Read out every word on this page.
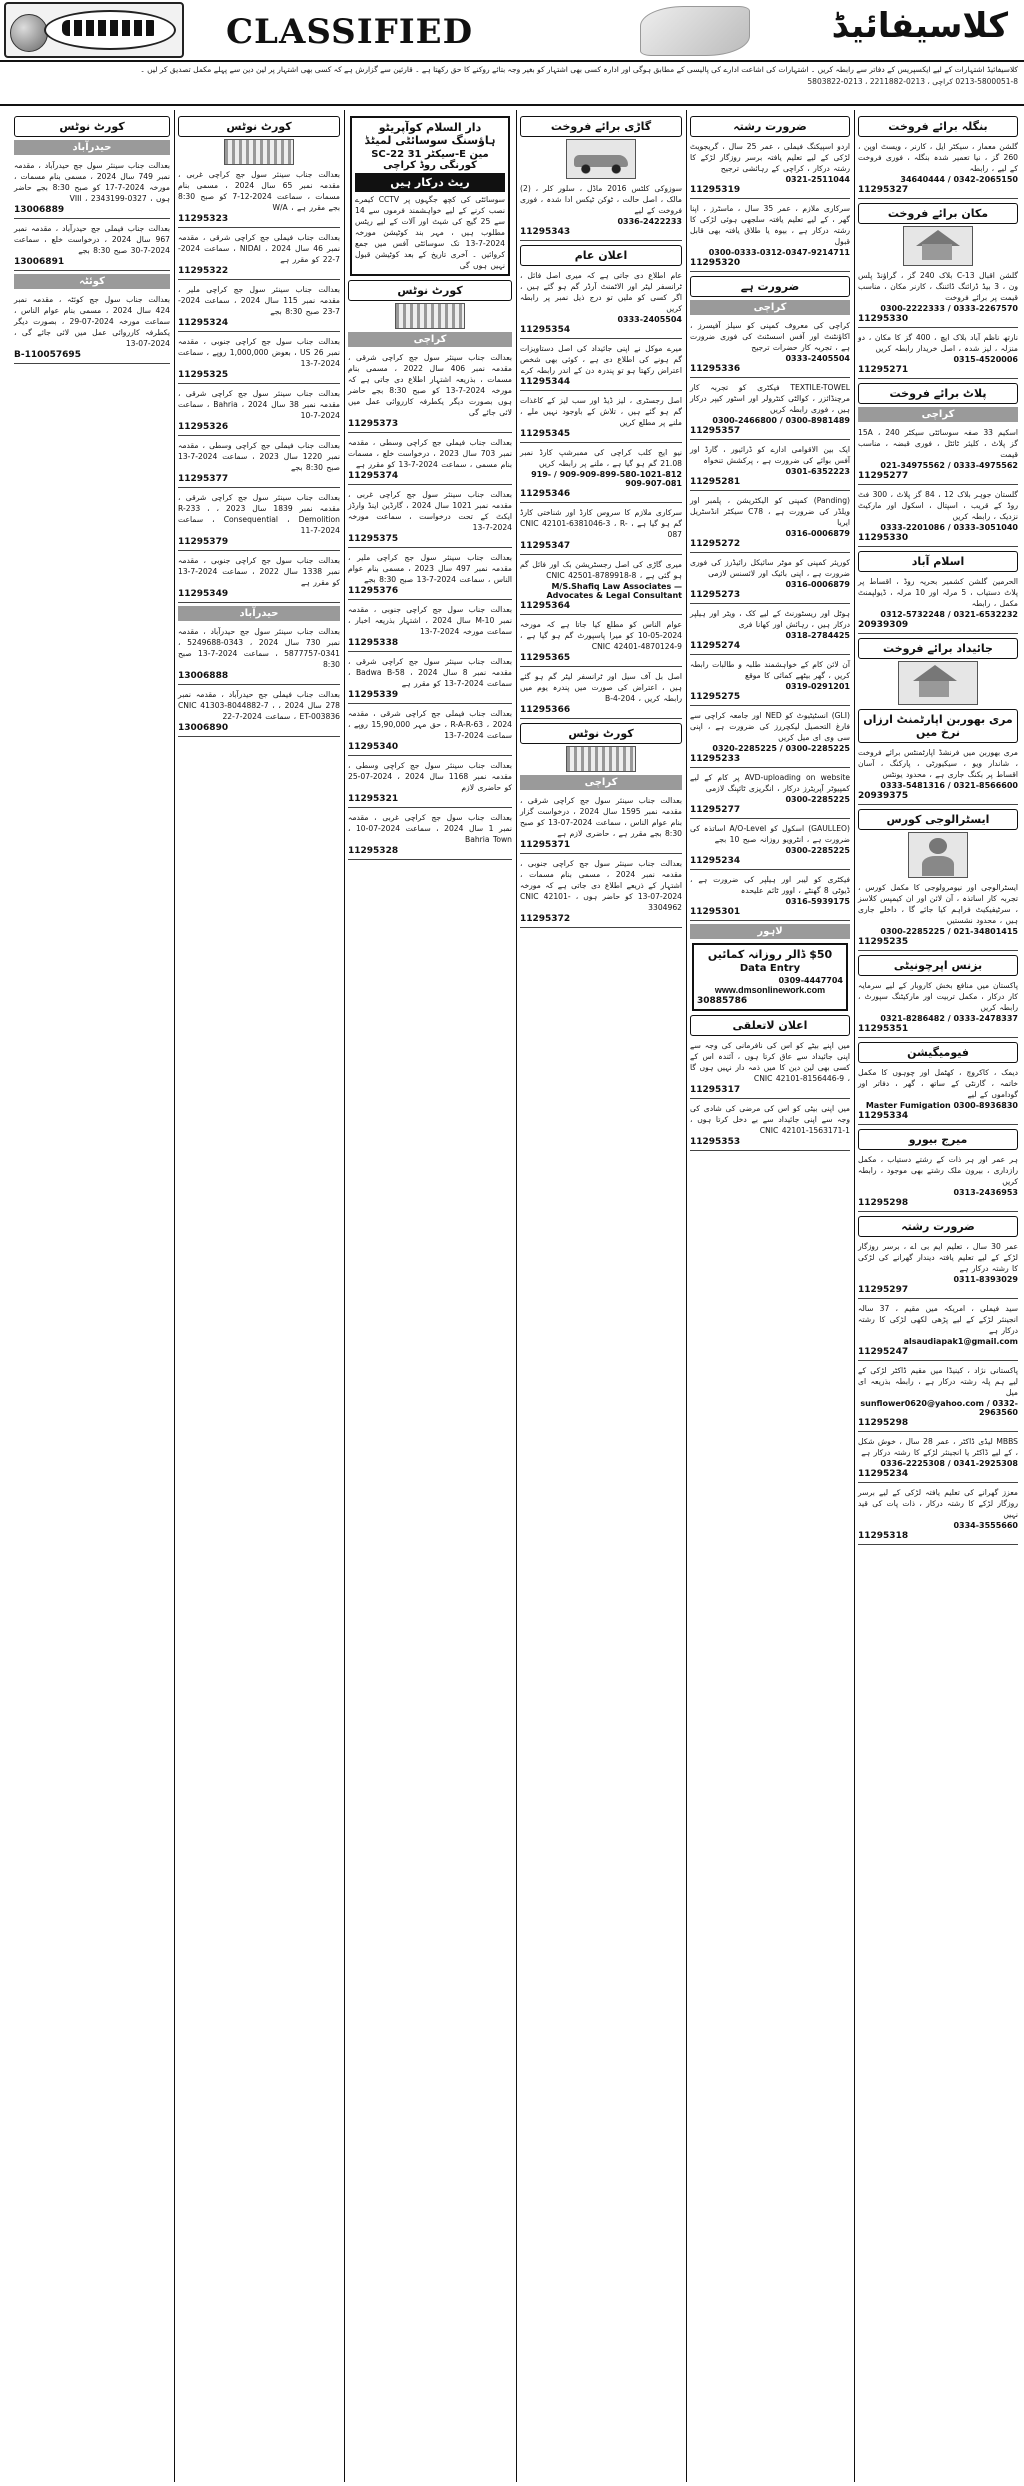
CLASSIFIED	کلاسیفائیڈ
کلاسیفائیڈ اشتہارات کے لیے ایکسپریس کے دفاتر سے رابطہ کریں ۔ اشتہارات کی اشاعت ادارے کی پالیسی کے مطابق ہوگی اور ادارہ کسی بھی اشتہار کو بغیر وجہ بتائے روکنے کا حق رکھتا ہے ۔ قارئین سے گزارش ہے کہ کسی بھی اشتہار پر لین دین سے پہلے مکمل تصدیق کر لیں ۔
0213-5800051-8 کراچی ، 0213-2211882 ، 0213-5803822
بنگلہ برائے فروخت
گلشن معمار ، سیکٹر ایل ، کارنر ، ویسٹ اوپن ، 260 گز ، نیا تعمیر شدہ بنگلہ ، فوری فروخت کے لیے ، رابطہ
0342-2065150 / 34640444
11295327
مکان برائے فروخت
گلشن اقبال 13-C بلاک 240 گز ، گراؤنڈ پلس ون ، 3 بیڈ ڈرائنگ ڈائننگ ، کارنر مکان ، مناسب قیمت پر برائے فروخت
0333-2267570 / 0300-2222333
11295330
نارتھ ناظم آباد بلاک ایچ ، 400 گز کا مکان ، دو منزلہ ، لیز شدہ ، اصل خریدار رابطہ کریں
0315-4520006
11295271
پلاٹ برائے فروخت
کراچی
اسکیم 33 صفہ سوسائٹی سیکٹر 15A ، 240 گز پلاٹ ، کلیئر ٹائٹل ، فوری قبضہ ، مناسب قیمت
0333-4975562 / 021-34975562
11295277
گلستان جوہر بلاک 12 ، 84 گز پلاٹ ، 300 فٹ روڈ کے قریب ، اسپتال ، اسکول اور مارکیٹ نزدیک ، رابطہ کریں
0333-3051040 / 0333-2201086
11295330
اسلام آباد
الحرمین گلشن کشمیر بحریہ روڈ ، اقساط پر پلاٹ دستیاب ، 5 مرلہ اور 10 مرلہ ، ڈیولپمنٹ مکمل ، رابطہ
0321-6532232 / 0312-5732248
20939309
جائیداد برائے فروخت
مری بھوربن اپارٹمنٹ ارزاں نرخ میں
مری بھوربن میں فرنشڈ اپارٹمنٹس برائے فروخت ، شاندار ویو ، سیکیورٹی ، پارکنگ ، آسان اقساط پر بکنگ جاری ہے ، محدود یونٹس
0321-8566600 / 0333-5481316
20939375
ایسٹرالوجی کورس
ایسٹرالوجی اور نیومرولوجی کا مکمل کورس ، تجربہ کار اساتذہ ، آن لائن اور ان کیمپس کلاسز ، سرٹیفیکیٹ فراہم کیا جائے گا ، داخلے جاری ہیں ، محدود نشستیں
021-34801415 / 0300-2285225
11295235
بزنس اپرچونیٹی
پاکستان میں منافع بخش کاروبار کے لیے سرمایہ کار درکار ، مکمل تربیت اور مارکیٹنگ سپورٹ ، رابطہ کریں
0333-2478337 / 0321-8286482
11295351
فیومیگیشن
دیمک ، کاکروچ ، کھٹمل اور چوہوں کا مکمل خاتمہ ، گارنٹی کے ساتھ ، گھر ، دفاتر اور گوداموں کے لیے
Master Fumigation 0300-8936830
11295334
میرج بیورو
ہر عمر اور ہر ذات کے رشتے دستیاب ، مکمل رازداری ، بیرون ملک رشتے بھی موجود ، رابطہ کریں
0313-2436953
11295298
ضرورت رشتہ
عمر 30 سال ، تعلیم ایم بی اے ، برسر روزگار لڑکے کے لیے تعلیم یافتہ دیندار گھرانے کی لڑکی کا رشتہ درکار ہے
0311-8393029
11295297
سید فیملی ، امریکہ میں مقیم ، 37 سالہ انجینئر لڑکے کے لیے پڑھی لکھی لڑکی کا رشتہ درکار ہے
alsaudiapak1@gmail.com
11295247
پاکستانی نژاد ، کینیڈا میں مقیم ڈاکٹر لڑکی کے لیے ہم پلہ رشتہ درکار ہے ، رابطہ بذریعہ ای میل
sunflower0620@yahoo.com / 0332-2963560
11295298
MBBS لیڈی ڈاکٹر ، عمر 28 سال ، خوش شکل ، کے لیے ڈاکٹر یا انجینئر لڑکے کا رشتہ درکار ہے
0341-2925308 / 0336-2225308
11295234
معزز گھرانے کی تعلیم یافتہ لڑکی کے لیے برسر روزگار لڑکے کا رشتہ درکار ، ذات پات کی قید نہیں
0334-3555660
11295318
ضرورت رشتہ
اردو اسپیکنگ فیملی ، عمر 25 سال ، گریجویٹ لڑکی کے لیے تعلیم یافتہ برسر روزگار لڑکے کا رشتہ درکار ، کراچی کے رہائشی ترجیح
0321-2511044
11295319
سرکاری ملازم ، عمر 35 سال ، ماسٹرز ، اپنا گھر ، کے لیے تعلیم یافتہ سلجھی ہوئی لڑکی کا رشتہ درکار ہے ، بیوہ یا طلاق یافتہ بھی قابل قبول
0300-0333-0312-0347-9214711
11295320
ضرورت ہے
کراچی
کراچی کی معروف کمپنی کو سیلز آفیسرز ، اکاؤنٹنٹ اور آفس اسسٹنٹ کی فوری ضرورت ہے ، تجربہ کار حضرات ترجیح
0333-2405504
11295336
TEXTILE-TOWEL فیکٹری کو تجربہ کار مرچنڈائزر ، کوالٹی کنٹرولر اور اسٹور کیپر درکار ہیں ، فوری رابطہ کریں
0300-8981489 / 0300-2466800
11295357
ایک بین الاقوامی ادارے کو ڈرائیور ، گارڈ اور آفس بوائے کی ضرورت ہے ، پرکشش تنخواہ
0301-6352223
11295281
(Panding) کمپنی کو الیکٹریشن ، پلمبر اور ویلڈر کی ضرورت ہے ، C78 سیکٹر انڈسٹریل ایریا
0316-0006879
11295272
کوریئر کمپنی کو موٹر سائیکل رائیڈرز کی فوری ضرورت ہے ، اپنی بائیک اور لائسنس لازمی
0316-0006879
11295273
ہوٹل اور ریسٹورنٹ کے لیے کک ، ویٹر اور ہیلپر درکار ہیں ، رہائش اور کھانا فری
0318-2784425
11295274
آن لائن کام کے خواہشمند طلبہ و طالبات رابطہ کریں ، گھر بیٹھے کمائی کا موقع
0319-0291201
11295275
(GLI) انسٹیٹیوٹ کو NED اور جامعہ کراچی سے فارغ التحصیل لیکچررز کی ضرورت ہے ، اپنی سی وی ای میل کریں
0300-2285225 / 0320-2285225
11295233
AVD-uploading on website پر کام کے لیے کمپیوٹر آپریٹرز درکار ، انگریزی ٹائپنگ لازمی
0300-2285225
11295277
(GAULLEO) اسکول کو A/O-Level اساتذہ کی ضرورت ہے ، انٹرویو روزانہ صبح 10 بجے
0300-2285225
11295234
فیکٹری کو لیبر اور ہیلپر کی ضرورت ہے ، ڈیوٹی 8 گھنٹے ، اوور ٹائم علیحدہ
0316-5939175
11295301
لاہور
$50 ڈالر روزانہ کمائیں
Data Entry
0309-4447704
www.dmsonlinework.com
30885786
اعلان لاتعلقی
میں اپنے بیٹے کو اس کی نافرمانی کی وجہ سے اپنی جائیداد سے عاق کرتا ہوں ، آئندہ اس کے کسی بھی لین دین کا میں ذمہ دار نہیں ہوں گا ، CNIC 42101-8156446-9
11295317
میں اپنی بیٹی کو اس کی مرضی کی شادی کی وجہ سے اپنی جائیداد سے بے دخل کرتا ہوں ، CNIC 42101-1563171-1
11295353
گاڑی برائے فروخت
سوزوکی کلٹس 2016 ماڈل ، سلور کلر ، (2) مالک ، اصل حالت ، ٹوکن ٹیکس ادا شدہ ، فوری فروخت کے لیے
0336-2422233
11295343
اعلان عام
عام اطلاع دی جاتی ہے کہ میری اصل فائل ، ٹرانسفر لیٹر اور الاٹمنٹ آرڈر گم ہو گئے ہیں ، اگر کسی کو ملیں تو درج ذیل نمبر پر رابطہ کریں
0333-2405504
11295354
میرے موکل نے اپنی جائیداد کی اصل دستاویزات گم ہونے کی اطلاع دی ہے ، کوئی بھی شخص اعتراض رکھتا ہو تو پندرہ دن کے اندر رابطہ کرے
11295344
اصل رجسٹری ، لیز ڈیڈ اور سب لیز کے کاغذات گم ہو گئے ہیں ، تلاش کے باوجود نہیں ملے ، ملنے پر مطلع کریں
11295345
نیو ایج کلب کراچی کی ممبرشپ کارڈ نمبر 21.08 گم ہو گیا ہے ، ملنے پر رابطہ کریں
909-909-899-580-1021-812 / 919-909-907-081
11295346
سرکاری ملازم کا سروس کارڈ اور شناختی کارڈ گم ہو گیا ہے ، CNIC 42101-6381046-3 ، R-087
11295347
میری گاڑی کی اصل رجسٹریشن بک اور فائل گم ہو گئی ہے ، CNIC 42501-8789918-8
M/S.Shafiq Law Associates — Advocates & Legal Consultant
11295364
عوام الناس کو مطلع کیا جاتا ہے کہ مورخہ 2024-05-10 کو میرا پاسپورٹ گم ہو گیا ہے ، CNIC 42401-4870124-9
11295365
اصل بل آف سیل اور ٹرانسفر لیٹر گم ہو گئے ہیں ، اعتراض کی صورت میں پندرہ یوم میں رابطہ کریں ، B-4-204
11295366
کورٹ نوٹس
کراچی
بعدالت جناب سینئر سول جج کراچی شرقی ، مقدمہ نمبر 1595 سال 2024 ، درخواست گزار بنام عوام الناس ، سماعت 2024-07-13 کو صبح 8:30 بجے مقرر ہے ، حاضری لازم ہے
11295371
بعدالت جناب سینئر سول جج کراچی جنوبی ، مقدمہ نمبر 2024 ، مسمی بنام مسمات ، اشتہار کے ذریعے اطلاع دی جاتی ہے کہ مورخہ 2024-07-13 کو حاضر ہوں ، CNIC 42101-3304962
11295372
دار السلام کوآپریٹو ہاؤسنگ سوسائٹی لمیٹڈ
SC-22 سیکٹر 31-E مین کورنگی روڈ کراچی
ریٹ درکار ہیں
سوسائٹی کی کچھ جگہوں پر CCTV کیمرے نصب کرنے کے لیے خواہشمند فرموں سے 14 سے 25 گیج کی شیٹ اور آلات کے لیے ریٹس مطلوب ہیں ، مہر بند کوٹیشن مورخہ 2024-7-13 تک سوسائٹی آفس میں جمع کروائیں ۔ آخری تاریخ کے بعد کوٹیشن قبول نہیں ہوں گی
کورٹ نوٹس
کراچی
بعدالت جناب سینئر سول جج کراچی شرقی ، مقدمہ نمبر 406 سال 2022 ، مسمی بنام مسمات ، بذریعہ اشتہار اطلاع دی جاتی ہے کہ مورخہ 2024-7-13 کو صبح 8:30 بجے حاضر ہوں بصورت دیگر یکطرفہ کارروائی عمل میں لائی جائے گی
11295373
بعدالت جناب فیملی جج کراچی وسطی ، مقدمہ نمبر 703 سال 2023 ، درخواست خلع ، مسمات بنام مسمی ، سماعت 2024-7-13 کو مقرر ہے
11295374
بعدالت جناب سینئر سول جج کراچی غربی ، مقدمہ نمبر 1021 سال 2024 ، گارڈین اینڈ وارڈز ایکٹ کے تحت درخواست ، سماعت مورخہ 2024-7-13
11295375
بعدالت جناب سینئر سول جج کراچی ملیر ، مقدمہ نمبر 497 سال 2023 ، مسمی بنام عوام الناس ، سماعت 2024-7-13 صبح 8:30 بجے
11295376
بعدالت جناب سول جج کراچی جنوبی ، مقدمہ نمبر M-10 سال 2024 ، اشتہار بذریعہ اخبار ، سماعت مورخہ 2024-7-13
11295338
بعدالت جناب سینئر سول جج کراچی شرقی ، مقدمہ نمبر 8 سال 2024 ، Badwa B-58 ، سماعت 2024-7-13 کو مقرر ہے
11295339
بعدالت جناب فیملی جج کراچی شرقی ، مقدمہ 2024 ، R-A-R-63 ، حق مہر 15,90,000 روپے ، سماعت 2024-7-13
11295340
بعدالت جناب سینئر سول جج کراچی وسطی ، مقدمہ نمبر 1168 سال 2024 ، 2024-07-25 کو حاضری لازم
11295321
بعدالت جناب سول جج کراچی غربی ، مقدمہ نمبر 1 سال 2024 ، سماعت 2024-07-10 ، Bahria Town
11295328
کورٹ نوٹس
بعدالت جناب سینئر سول جج کراچی غربی ، مقدمہ نمبر 65 سال 2024 ، مسمی بنام مسمات ، سماعت 2024-12-7 کو صبح 8:30 بجے مقرر ہے ، W/A
11295323
بعدالت جناب فیملی جج کراچی شرقی ، مقدمہ نمبر 46 سال 2024 ، NIDAI ، سماعت 2024-7-22 کو مقرر ہے
11295322
بعدالت جناب سینئر سول جج کراچی ملیر ، مقدمہ نمبر 115 سال 2024 ، سماعت 2024-7-23 صبح 8:30 بجے
11295324
بعدالت جناب سول جج کراچی جنوبی ، مقدمہ نمبر 26 US ، بعوض 1,000,000 روپے ، سماعت 2024-7-13
11295325
بعدالت جناب سینئر سول جج کراچی شرقی ، مقدمہ نمبر 38 سال 2024 ، Bahria ، سماعت 2024-7-10
11295326
بعدالت جناب فیملی جج کراچی وسطی ، مقدمہ نمبر 1220 سال 2023 ، سماعت 2024-7-13 صبح 8:30 بجے
11295377
بعدالت جناب سینئر سول جج کراچی شرقی ، مقدمہ نمبر 1839 سال 2023 ، R-233 ، Consequential ، Demolition ، سماعت 2024-7-11
11295379
بعدالت جناب سول جج کراچی جنوبی ، مقدمہ نمبر 1338 سال 2022 ، سماعت 2024-7-13 کو مقرر ہے
11295349
حیدرآباد
بعدالت جناب سینئر سول جج حیدرآباد ، مقدمہ نمبر 730 سال 2024 ، 0343-5249688 ، 0341-5877757 ، سماعت 2024-7-13 صبح 8:30
13006888
بعدالت جناب فیملی جج حیدرآباد ، مقدمہ نمبر 278 سال 2024 ، CNIC 41303-8044882-7 ، ET-003836 ، سماعت 2024-7-22
13006890
کورٹ نوٹس
حیدرآباد
بعدالت جناب سینئر سول جج حیدرآباد ، مقدمہ نمبر 749 سال 2024 ، مسمی بنام مسمات ، مورخہ 2024-7-17 کو صبح 8:30 بجے حاضر ہوں ، 0327-2343199 ، VIII
13006889
بعدالت جناب فیملی جج حیدرآباد ، مقدمہ نمبر 967 سال 2024 ، درخواست خلع ، سماعت 2024-7-30 صبح 8:30 بجے
13006891
کوئٹہ
بعدالت جناب سول جج کوئٹہ ، مقدمہ نمبر 424 سال 2024 ، مسمی بنام عوام الناس ، سماعت مورخہ 2024-07-29 ، بصورت دیگر یکطرفہ کارروائی عمل میں لائی جائے گی ، 2024-07-13
B-110057695
